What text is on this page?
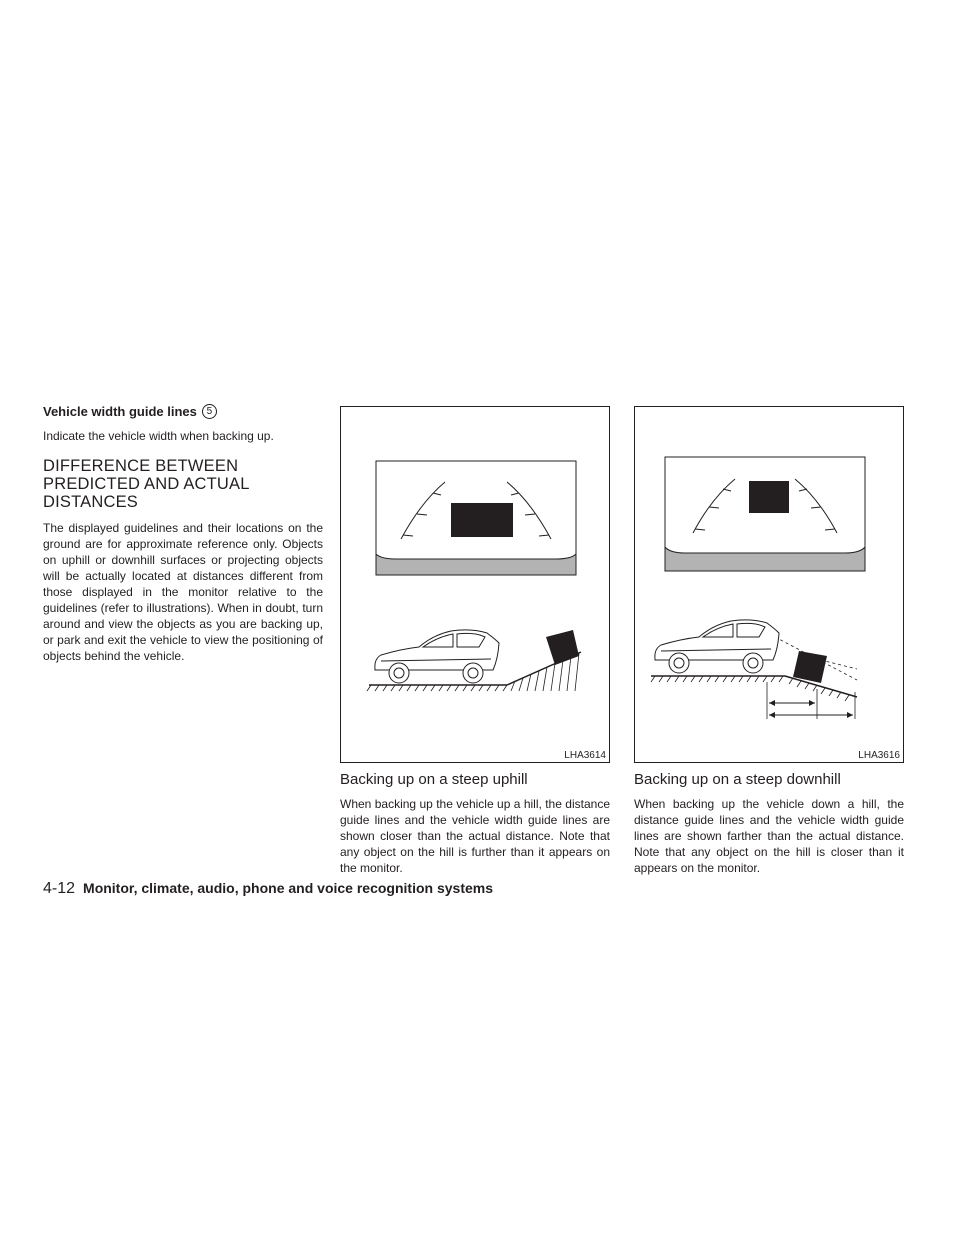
Vehicle width guide lines 5

Indicate the vehicle width when backing up.

DIFFERENCE BETWEEN PREDICTED AND ACTUAL DISTANCES

The displayed guidelines and their locations on the ground are for approximate reference only. Objects on uphill or downhill surfaces or projecting objects will be actually located at distances different from those displayed in the monitor relative to the guidelines (refer to illustrations). When in doubt, turn around and view the objects as you are backing up, or park and exit the vehicle to view the positioning of objects behind the vehicle.

LHA3614	LHA3616
Backing up on a steep uphill

When backing up the vehicle up a hill, the distance guide lines and the vehicle width guide lines are shown closer than the actual distance. Note that any object on the hill is further than it appears on the monitor.

Backing up on a steep downhill

When backing up the vehicle down a hill, the distance guide lines and the vehicle width guide lines are shown farther than the actual distance. Note that any object on the hill is closer than it appears on the monitor.

4-12 Monitor, climate, audio, phone and voice recognition systems
